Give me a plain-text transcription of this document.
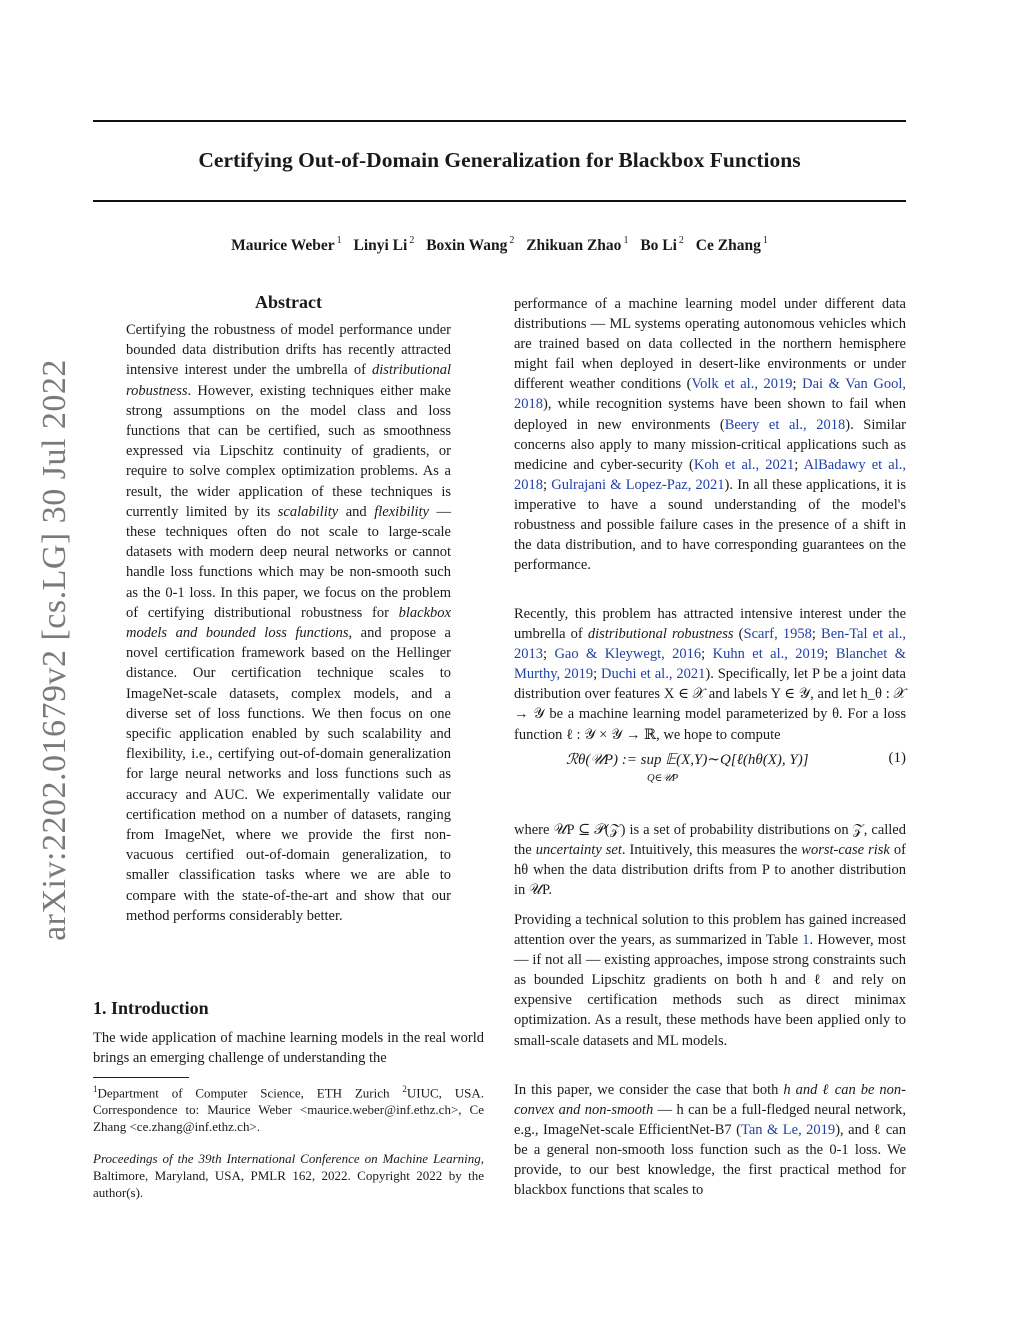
Certifying Out-of-Domain Generalization for Blackbox Functions
Maurice Weber $^1$ Linyi Li $^2$ Boxin Wang $^2$ Zhikuan Zhao $^1$ Bo Li $^2$ Ce Zhang $^1$
arXiv:2202.01679v2 [cs.LG] 30 Jul 2022
Abstract
Certifying the robustness of model performance under bounded data distribution drifts has recently attracted intensive interest under the umbrella of distributional robustness. However, existing techniques either make strong assumptions on the model class and loss functions that can be certified, such as smoothness expressed via Lipschitz continuity of gradients, or require to solve complex optimization problems. As a result, the wider application of these techniques is currently limited by its scalability and flexibility — these techniques often do not scale to large-scale datasets with modern deep neural networks or cannot handle loss functions which may be non-smooth such as the 0-1 loss. In this paper, we focus on the problem of certifying distributional robustness for blackbox models and bounded loss functions, and propose a novel certification framework based on the Hellinger distance. Our certification technique scales to ImageNet-scale datasets, complex models, and a diverse set of loss functions. We then focus on one specific application enabled by such scalability and flexibility, i.e., certifying out-of-domain generalization for large neural networks and loss functions such as accuracy and AUC. We experimentally validate our certification method on a number of datasets, ranging from ImageNet, where we provide the first non-vacuous certified out-of-domain generalization, to smaller classification tasks where we are able to compare with the state-of-the-art and show that our method performs considerably better.
1. Introduction
The wide application of machine learning models in the real world brings an emerging challenge of understanding the
$^1$Department of Computer Science, ETH Zurich $^2$UIUC, USA. Correspondence to: Maurice Weber <maurice.weber@inf.ethz.ch>, Ce Zhang <ce.zhang@inf.ethz.ch>.
Proceedings of the 39th International Conference on Machine Learning, Baltimore, Maryland, USA, PMLR 162, 2022. Copyright 2022 by the author(s).

performance of a machine learning model under different data distributions — ML systems operating autonomous vehicles which are trained based on data collected in the northern hemisphere might fail when deployed in desert-like environments or under different weather conditions (Volk et al., 2019; Dai & Van Gool, 2018), while recognition systems have been shown to fail when deployed in new environments (Beery et al., 2018). Similar concerns also apply to many mission-critical applications such as medicine and cyber-security (Koh et al., 2021; AlBadawy et al., 2018; Gulrajani & Lopez-Paz, 2021). In all these applications, it is imperative to have a sound understanding of the model's robustness and possible failure cases in the presence of a shift in the data distribution, and to have corresponding guarantees on the performance.

Recently, this problem has attracted intensive interest under the umbrella of distributional robustness (Scarf, 1958; Ben-Tal et al., 2013; Gao & Kleywegt, 2016; Kuhn et al., 2019; Blanchet & Murthy, 2019; Duchi et al., 2021). Specifically, let P be a joint data distribution over features X ∈ 𝒳 and labels Y ∈ 𝒴, and let h_θ : 𝒳 → 𝒴 be a machine learning model parameterized by θ. For a loss function ℓ : 𝒴 × 𝒴 → ℝ, we hope to compute

ℛθ(𝒰P) := sup 𝔼(X,Y)∼Q[ℓ(hθ(X), Y)]
Q∈𝒰P
(1)

where 𝒰P ⊆ 𝒫(𝒵) is a set of probability distributions on 𝒵, called the uncertainty set. Intuitively, this measures the worst-case risk of hθ when the data distribution drifts from P to another distribution in 𝒰P.

Providing a technical solution to this problem has gained increased attention over the years, as summarized in Table 1. However, most — if not all — existing approaches, impose strong constraints such as bounded Lipschitz gradients on both h and ℓ and rely on expensive certification methods such as direct minimax optimization. As a result, these methods have been applied only to small-scale datasets and ML models.

In this paper, we consider the case that both h and ℓ can be non-convex and non-smooth — h can be a full-fledged neural network, e.g., ImageNet-scale EfficientNet-B7 (Tan & Le, 2019), and ℓ can be a general non-smooth loss function such as the 0-1 loss. We provide, to our best knowledge, the first practical method for blackbox functions that scales to
